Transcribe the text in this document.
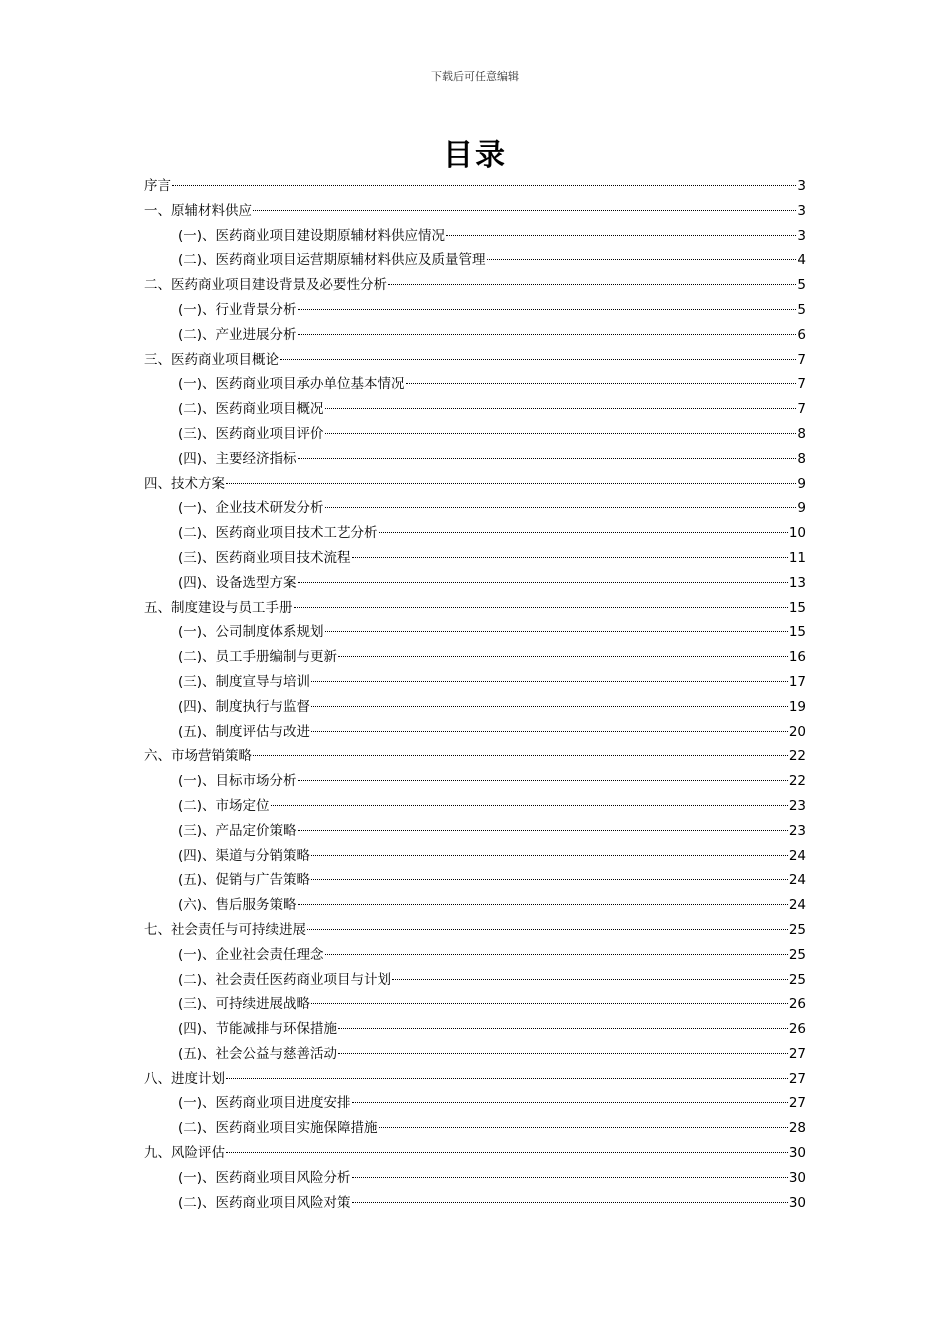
下载后可任意编辑
目录
序言	3
一、原辅材料供应	3
(一)、医药商业项目建设期原辅材料供应情况	3
(二)、医药商业项目运营期原辅材料供应及质量管理	4
二、医药商业项目建设背景及必要性分析	5
(一)、行业背景分析	5
(二)、产业进展分析	6
三、医药商业项目概论	7
(一)、医药商业项目承办单位基本情况	7
(二)、医药商业项目概况	7
(三)、医药商业项目评价	8
(四)、主要经济指标	8
四、技术方案	9
(一)、企业技术研发分析	9
(二)、医药商业项目技术工艺分析	10
(三)、医药商业项目技术流程	11
(四)、设备选型方案	13
五、制度建设与员工手册	15
(一)、公司制度体系规划	15
(二)、员工手册编制与更新	16
(三)、制度宣导与培训	17
(四)、制度执行与监督	19
(五)、制度评估与改进	20
六、市场营销策略	22
(一)、目标市场分析	22
(二)、市场定位	23
(三)、产品定价策略	23
(四)、渠道与分销策略	24
(五)、促销与广告策略	24
(六)、售后服务策略	24
七、社会责任与可持续进展	25
(一)、企业社会责任理念	25
(二)、社会责任医药商业项目与计划	25
(三)、可持续进展战略	26
(四)、节能减排与环保措施	26
(五)、社会公益与慈善活动	27
八、进度计划	27
(一)、医药商业项目进度安排	27
(二)、医药商业项目实施保障措施	28
九、风险评估	30
(一)、医药商业项目风险分析	30
(二)、医药商业项目风险对策	30
